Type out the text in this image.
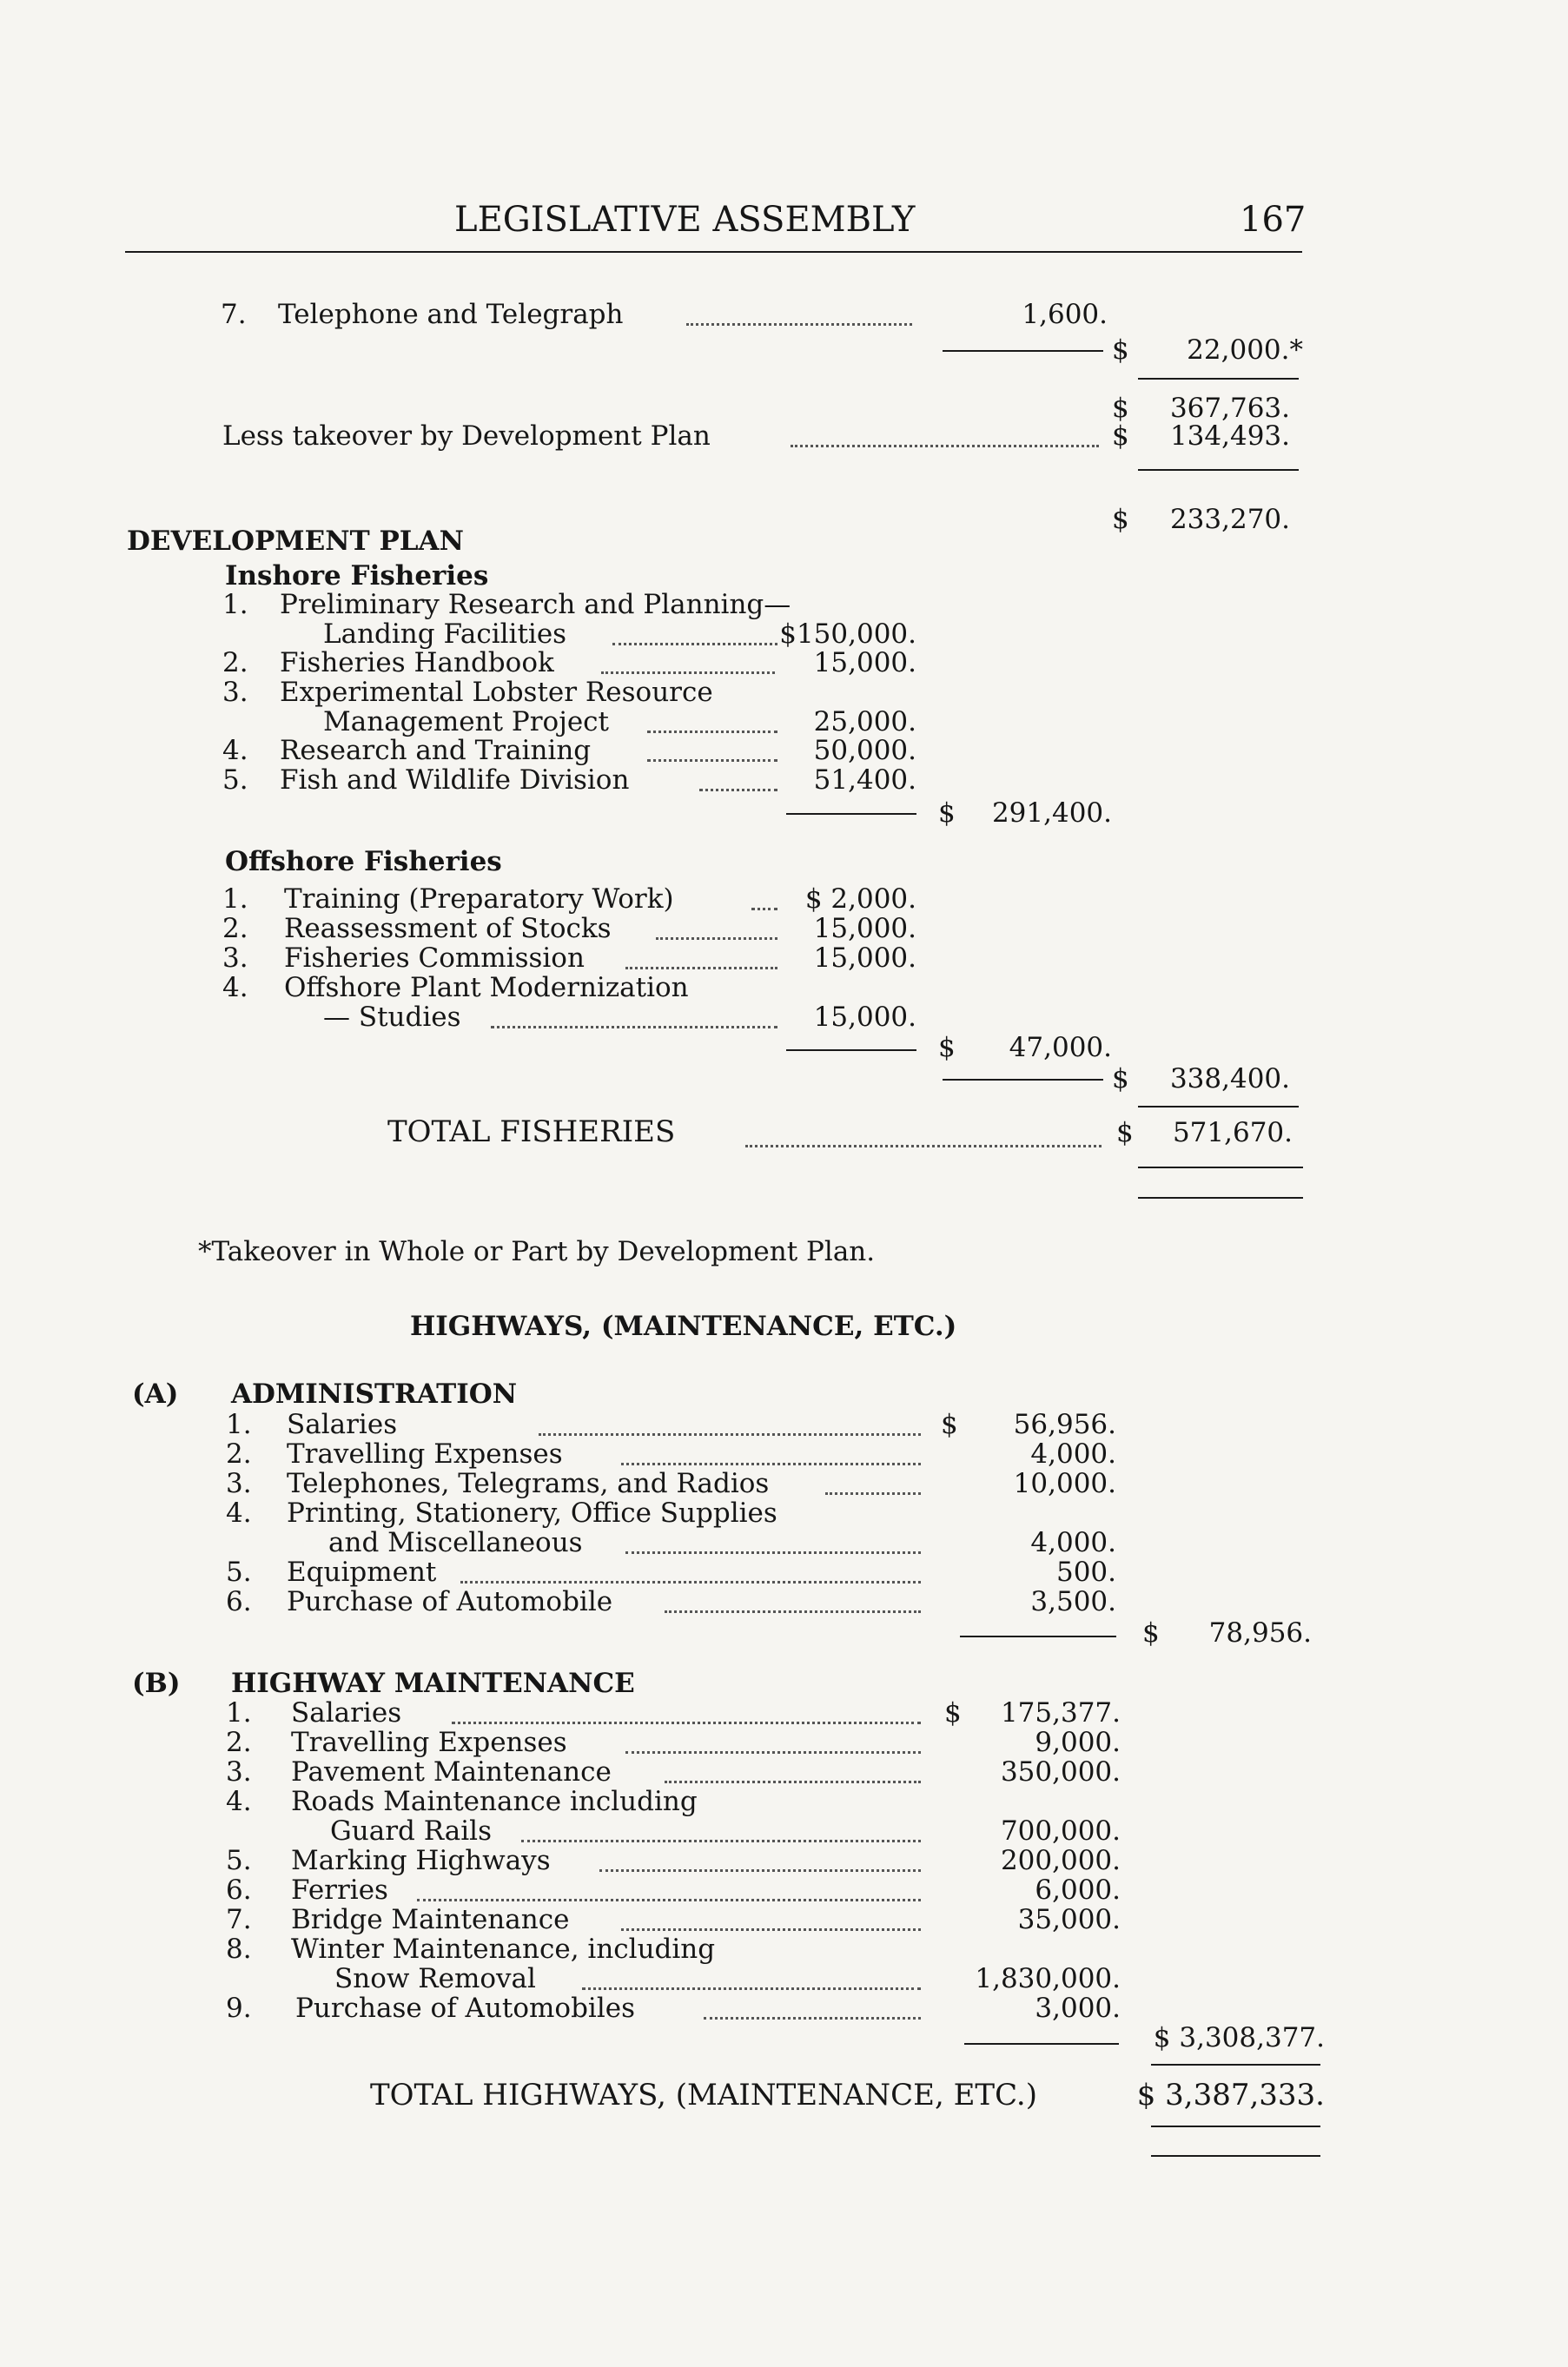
LEGISLATIVE ASSEMBLY	167
7. Telephone and Telegraph	1,600.
$	22,000.*
$	367,763.
Less takeover by Development Plan	$	134,493.
$	233,270.
DEVELOPMENT PLAN
Inshore Fisheries
1. Preliminary Research and Planning—
Landing Facilities	$150,000.
2. Fisheries Handbook	15,000.
3. Experimental Lobster Resource
Management Project	25,000.
4. Research and Training	50,000.
5. Fish and Wildlife Division	51,400.
$	291,400.
Offshore Fisheries
1. Training (Preparatory Work)	$ 2,000.
2. Reassessment of Stocks	15,000.
3. Fisheries Commission	15,000.
4. Offshore Plant Modernization
— Studies	15,000.
$	47,000.
$	338,400.
TOTAL FISHERIES	$	571,670.
*Takeover in Whole or Part by Development Plan.
HIGHWAYS, (MAINTENANCE, ETC.)
(A) ADMINISTRATION
1. Salaries	$	56,956.
2. Travelling Expenses	4,000.
3. Telephones, Telegrams, and Radios	10,000.
4. Printing, Stationery, Office Supplies
and Miscellaneous	4,000.
5. Equipment	500.
6. Purchase of Automobile	3,500.
$	78,956.
(B) HIGHWAY MAINTENANCE
1. Salaries	$	175,377.
2. Travelling Expenses	9,000.
3. Pavement Maintenance	350,000.
4. Roads Maintenance including
Guard Rails	700,000.
5. Marking Highways	200,000.
6. Ferries	6,000.
7. Bridge Maintenance	35,000.
8. Winter Maintenance, including
Snow Removal	1,830,000.
9. Purchase of Automobiles	3,000.
$ 3,308,377.
TOTAL HIGHWAYS, (MAINTENANCE, ETC.)	$ 3,387,333.
